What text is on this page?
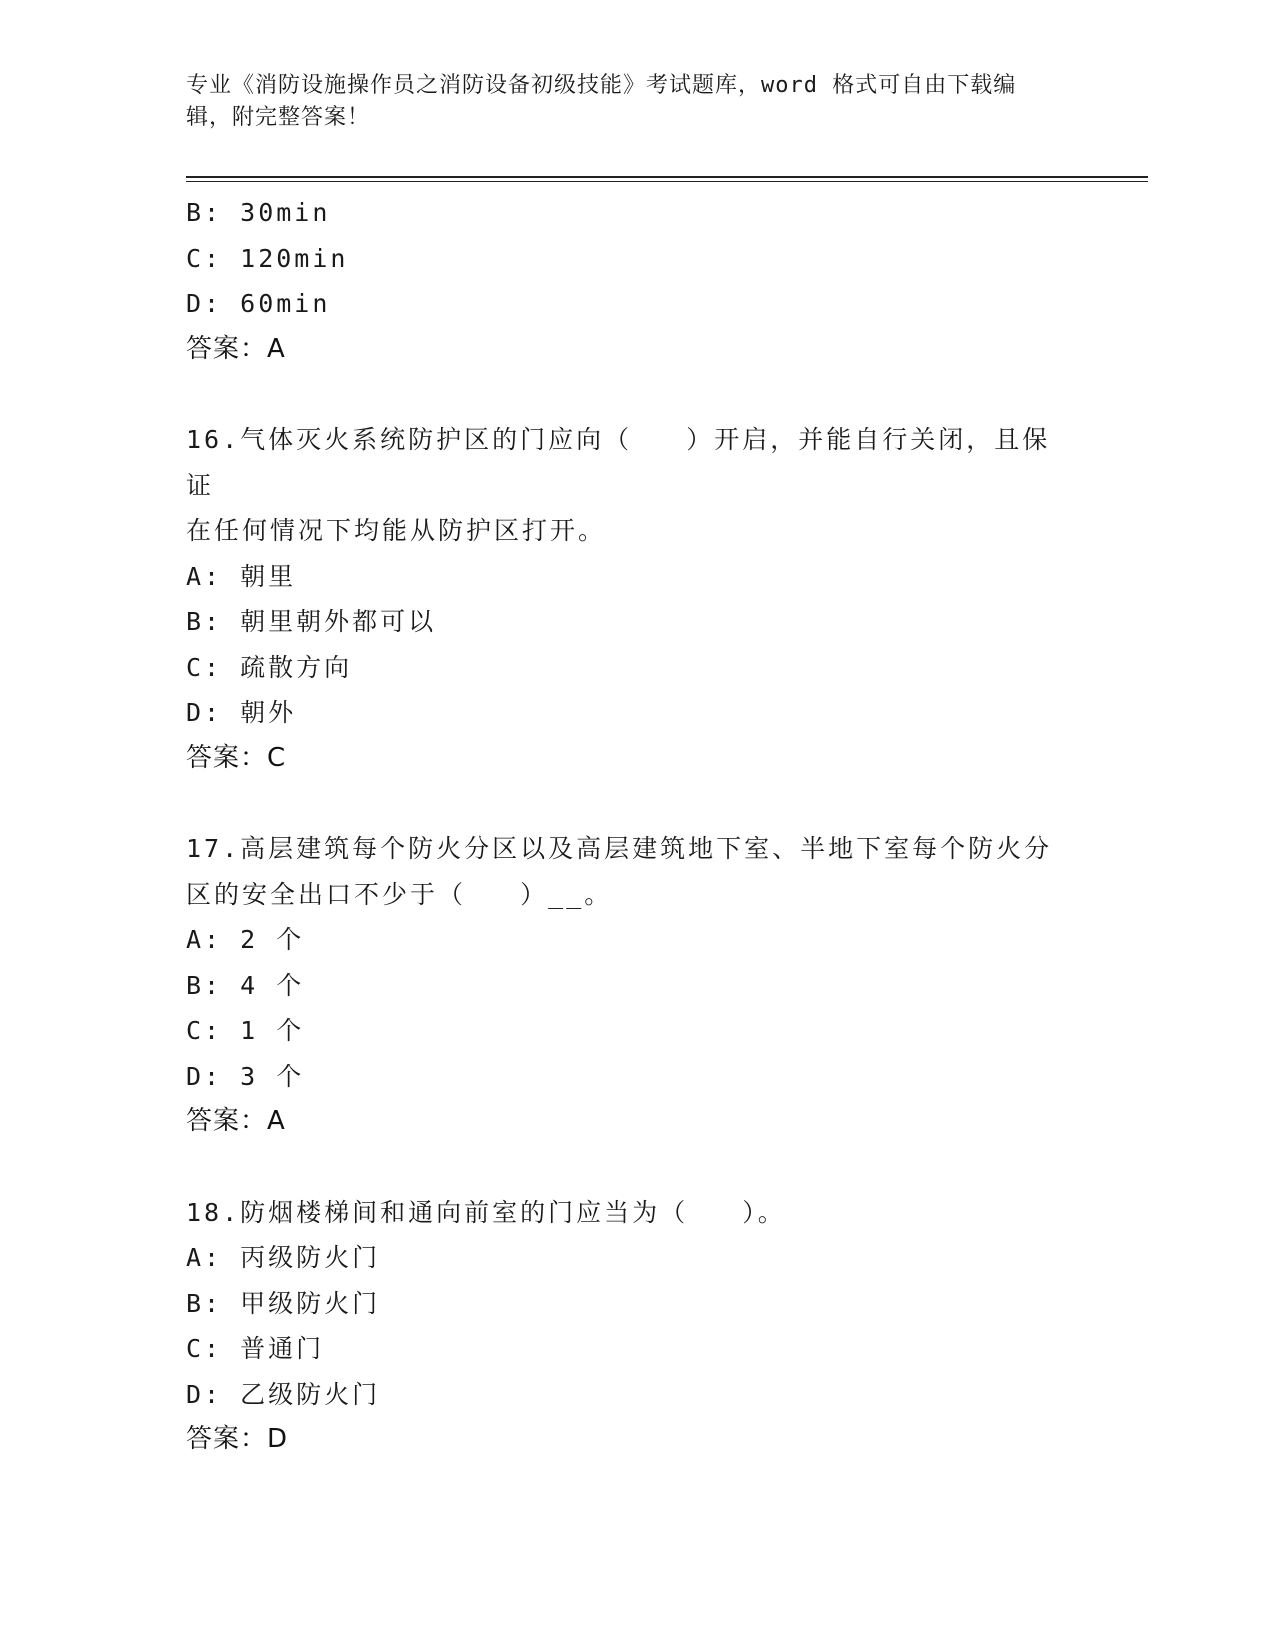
专业《消防设施操作员之消防设备初级技能》考试题库，word 格式可自由下载编
辑，附完整答案！
B: 30min
C: 120min
D: 60min
答案：A
16.气体灭火系统防护区的门应向（   ）开启，并能自行关闭，且保证
在任何情况下均能从防护区打开。
A: 朝里
B: 朝里朝外都可以
C: 疏散方向
D: 朝外
答案：C
17.高层建筑每个防火分区以及高层建筑地下室、半地下室每个防火分
区的安全出口不少于（   ）__。
A: 2 个
B: 4 个
C: 1 个
D: 3 个
答案：A
18.防烟楼梯间和通向前室的门应当为（   ）。
A: 丙级防火门
B: 甲级防火门
C: 普通门
D: 乙级防火门
答案：D
